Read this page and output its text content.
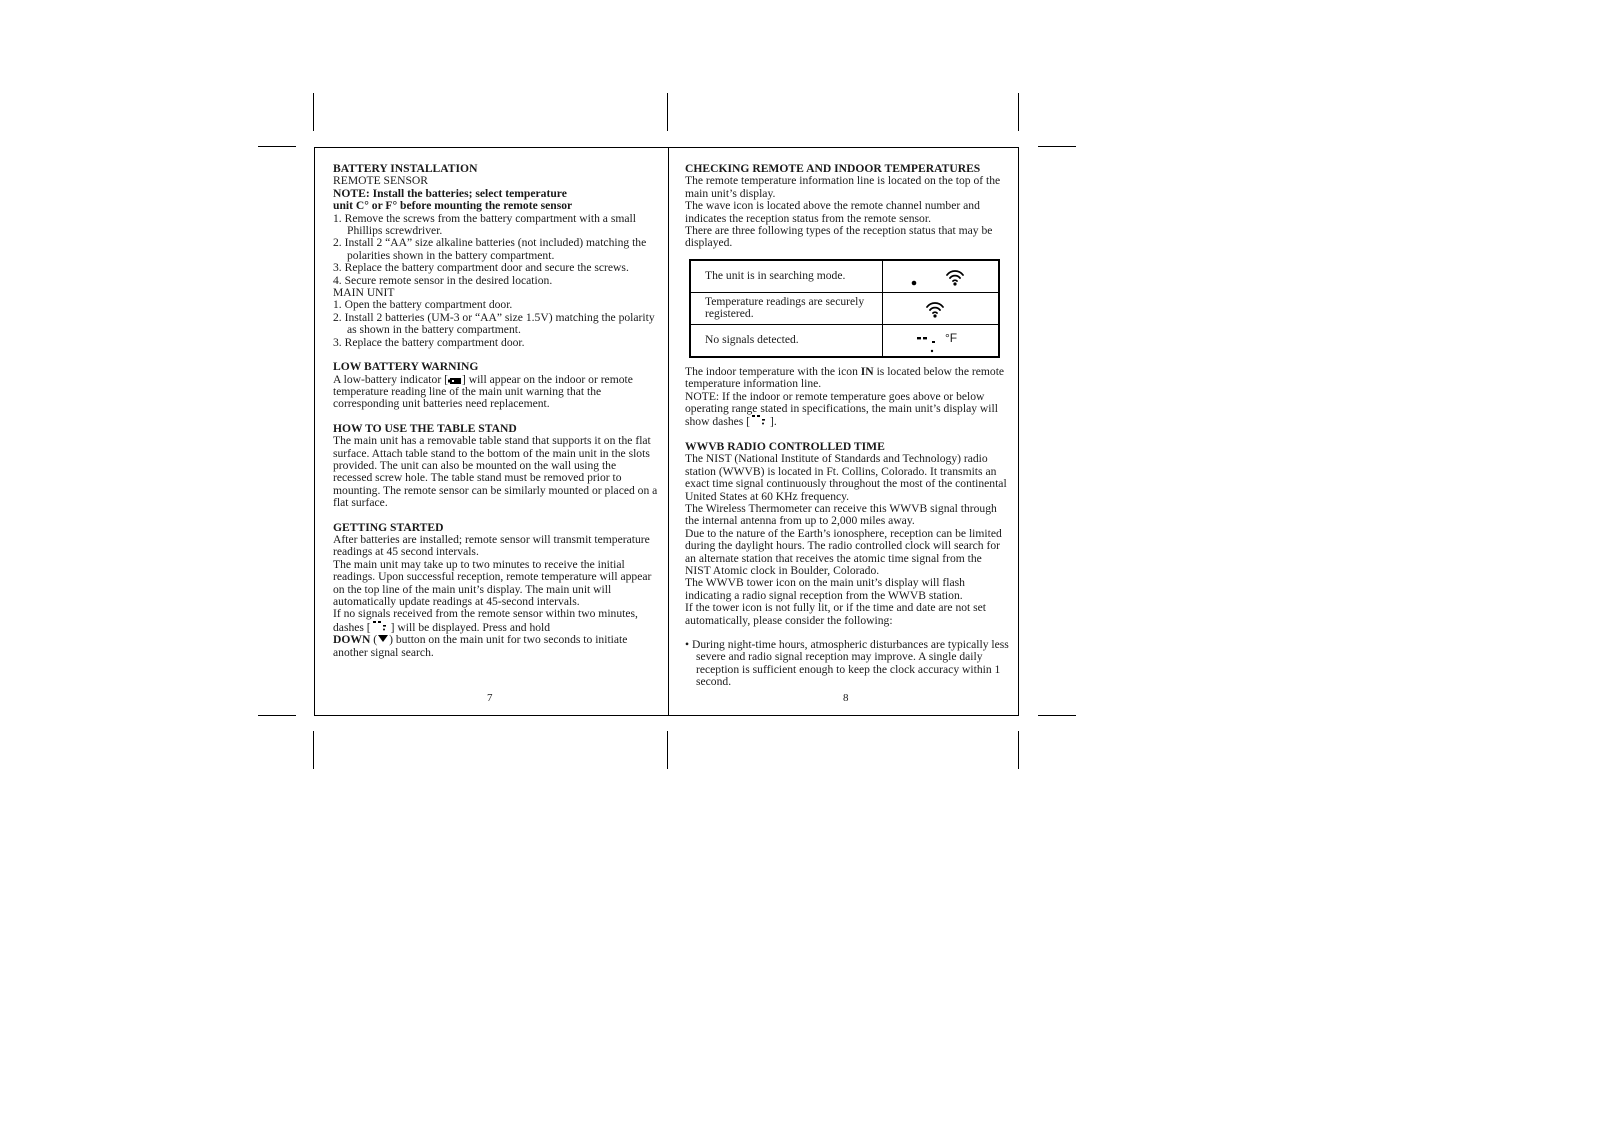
BATTERY INSTALLATION

REMOTE SENSOR

NOTE: Install the batteries; select temperature

unit C° or F° before mounting the remote sensor

1. Remove the screws from the battery compartment with a small Phillips screwdriver.

2. Install 2 “AA” size alkaline batteries (not included) matching the polarities shown in the battery compartment.

3. Replace the battery compartment door and secure the screws.

4. Secure remote sensor in the desired location.

MAIN UNIT

1. Open the battery compartment door.

2. Install 2 batteries (UM-3 or “AA” size 1.5V) matching the polarity as shown in the battery compartment.

3. Replace the battery compartment door.

LOW BATTERY WARNING

A low-battery indicator [ ] will appear on the indoor or remote temperature reading line of the main unit warning that the corresponding unit batteries need replacement.

HOW TO USE THE TABLE STAND

The main unit has a removable table stand that supports it on the flat surface. Attach table stand to the bottom of the main unit in the slots provided. The unit can also be mounted on the wall using the recessed screw hole. The table stand must be removed prior to mounting. The remote sensor can be similarly mounted or placed on a flat surface.

GETTING STARTED

After batteries are installed; remote sensor will transmit temperature readings at 45 second intervals.

The main unit may take up to two minutes to receive the initial readings. Upon successful reception, remote temperature will appear on the top line of the main unit’s display. The main unit will automatically update readings at 45-second intervals.

If no signals received from the remote sensor within two minutes, dashes [ ] will be displayed. Press and hold
DOWN ( ) button on the main unit for two seconds to initiate another signal search.

7

CHECKING REMOTE AND INDOOR TEMPERATURES

The remote temperature information line is located on the top of the main unit’s display.

The wave icon is located above the remote channel number and indicates the reception status from the remote sensor.

There are three following types of the reception status that may be displayed.

The unit is in searching mode.	

Temperature readings are securely registered.	

No signals detected.	°F

The indoor temperature with the icon IN is located below the remote temperature information line.

NOTE: If the indoor or remote temperature goes above or below operating range stated in specifications, the main unit’s display will show dashes [ ].

WWVB RADIO CONTROLLED TIME

The NIST (National Institute of Standards and Technology) radio station (WWVB) is located in Ft. Collins, Colorado. It transmits an exact time signal continuously throughout the most of the continental United States at 60 KHz frequency.

The Wireless Thermometer can receive this WWVB signal through the internal antenna from up to 2,000 miles away.

Due to the nature of the Earth’s ionosphere, reception can be limited during the daylight hours. The radio controlled clock will search for an alternate station that receives the atomic time signal from the NIST Atomic clock in Boulder, Colorado.

The WWVB tower icon on the main unit’s display will flash indicating a radio signal reception from the WWVB station.

If the tower icon is not fully lit, or if the time and date are not set automatically, please consider the following:

• During night-time hours, atmospheric disturbances are typically less severe and radio signal reception may improve. A single daily reception is sufficient enough to keep the clock accuracy within 1 second.

8
